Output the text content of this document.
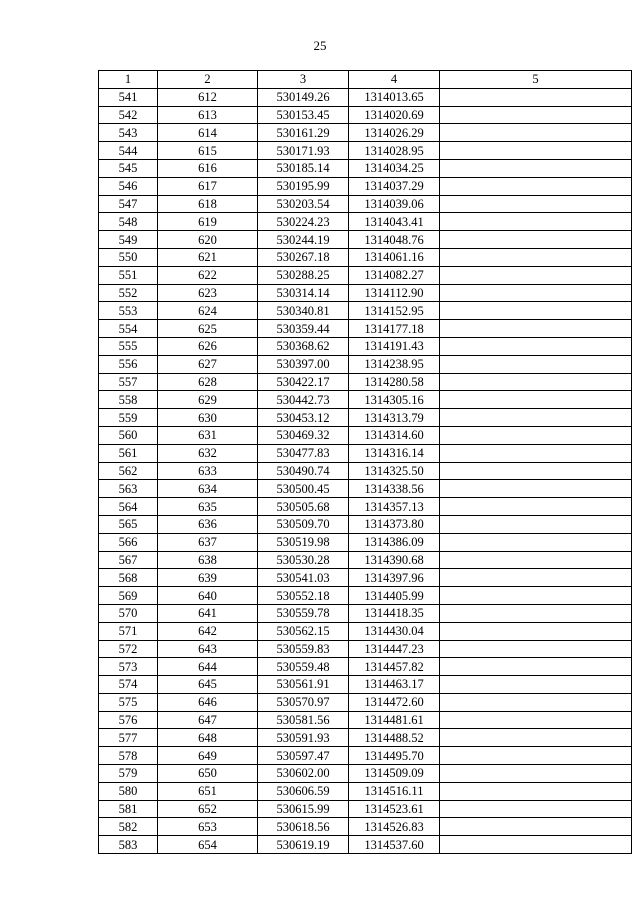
25
1	2	3	4	5
541	612	530149.26	1314013.65	
542	613	530153.45	1314020.69	
543	614	530161.29	1314026.29	
544	615	530171.93	1314028.95	
545	616	530185.14	1314034.25	
546	617	530195.99	1314037.29	
547	618	530203.54	1314039.06	
548	619	530224.23	1314043.41	
549	620	530244.19	1314048.76	
550	621	530267.18	1314061.16	
551	622	530288.25	1314082.27	
552	623	530314.14	1314112.90	
553	624	530340.81	1314152.95	
554	625	530359.44	1314177.18	
555	626	530368.62	1314191.43	
556	627	530397.00	1314238.95	
557	628	530422.17	1314280.58	
558	629	530442.73	1314305.16	
559	630	530453.12	1314313.79	
560	631	530469.32	1314314.60	
561	632	530477.83	1314316.14	
562	633	530490.74	1314325.50	
563	634	530500.45	1314338.56	
564	635	530505.68	1314357.13	
565	636	530509.70	1314373.80	
566	637	530519.98	1314386.09	
567	638	530530.28	1314390.68	
568	639	530541.03	1314397.96	
569	640	530552.18	1314405.99	
570	641	530559.78	1314418.35	
571	642	530562.15	1314430.04	
572	643	530559.83	1314447.23	
573	644	530559.48	1314457.82	
574	645	530561.91	1314463.17	
575	646	530570.97	1314472.60	
576	647	530581.56	1314481.61	
577	648	530591.93	1314488.52	
578	649	530597.47	1314495.70	
579	650	530602.00	1314509.09	
580	651	530606.59	1314516.11	
581	652	530615.99	1314523.61	
582	653	530618.56	1314526.83	
583	654	530619.19	1314537.60	
